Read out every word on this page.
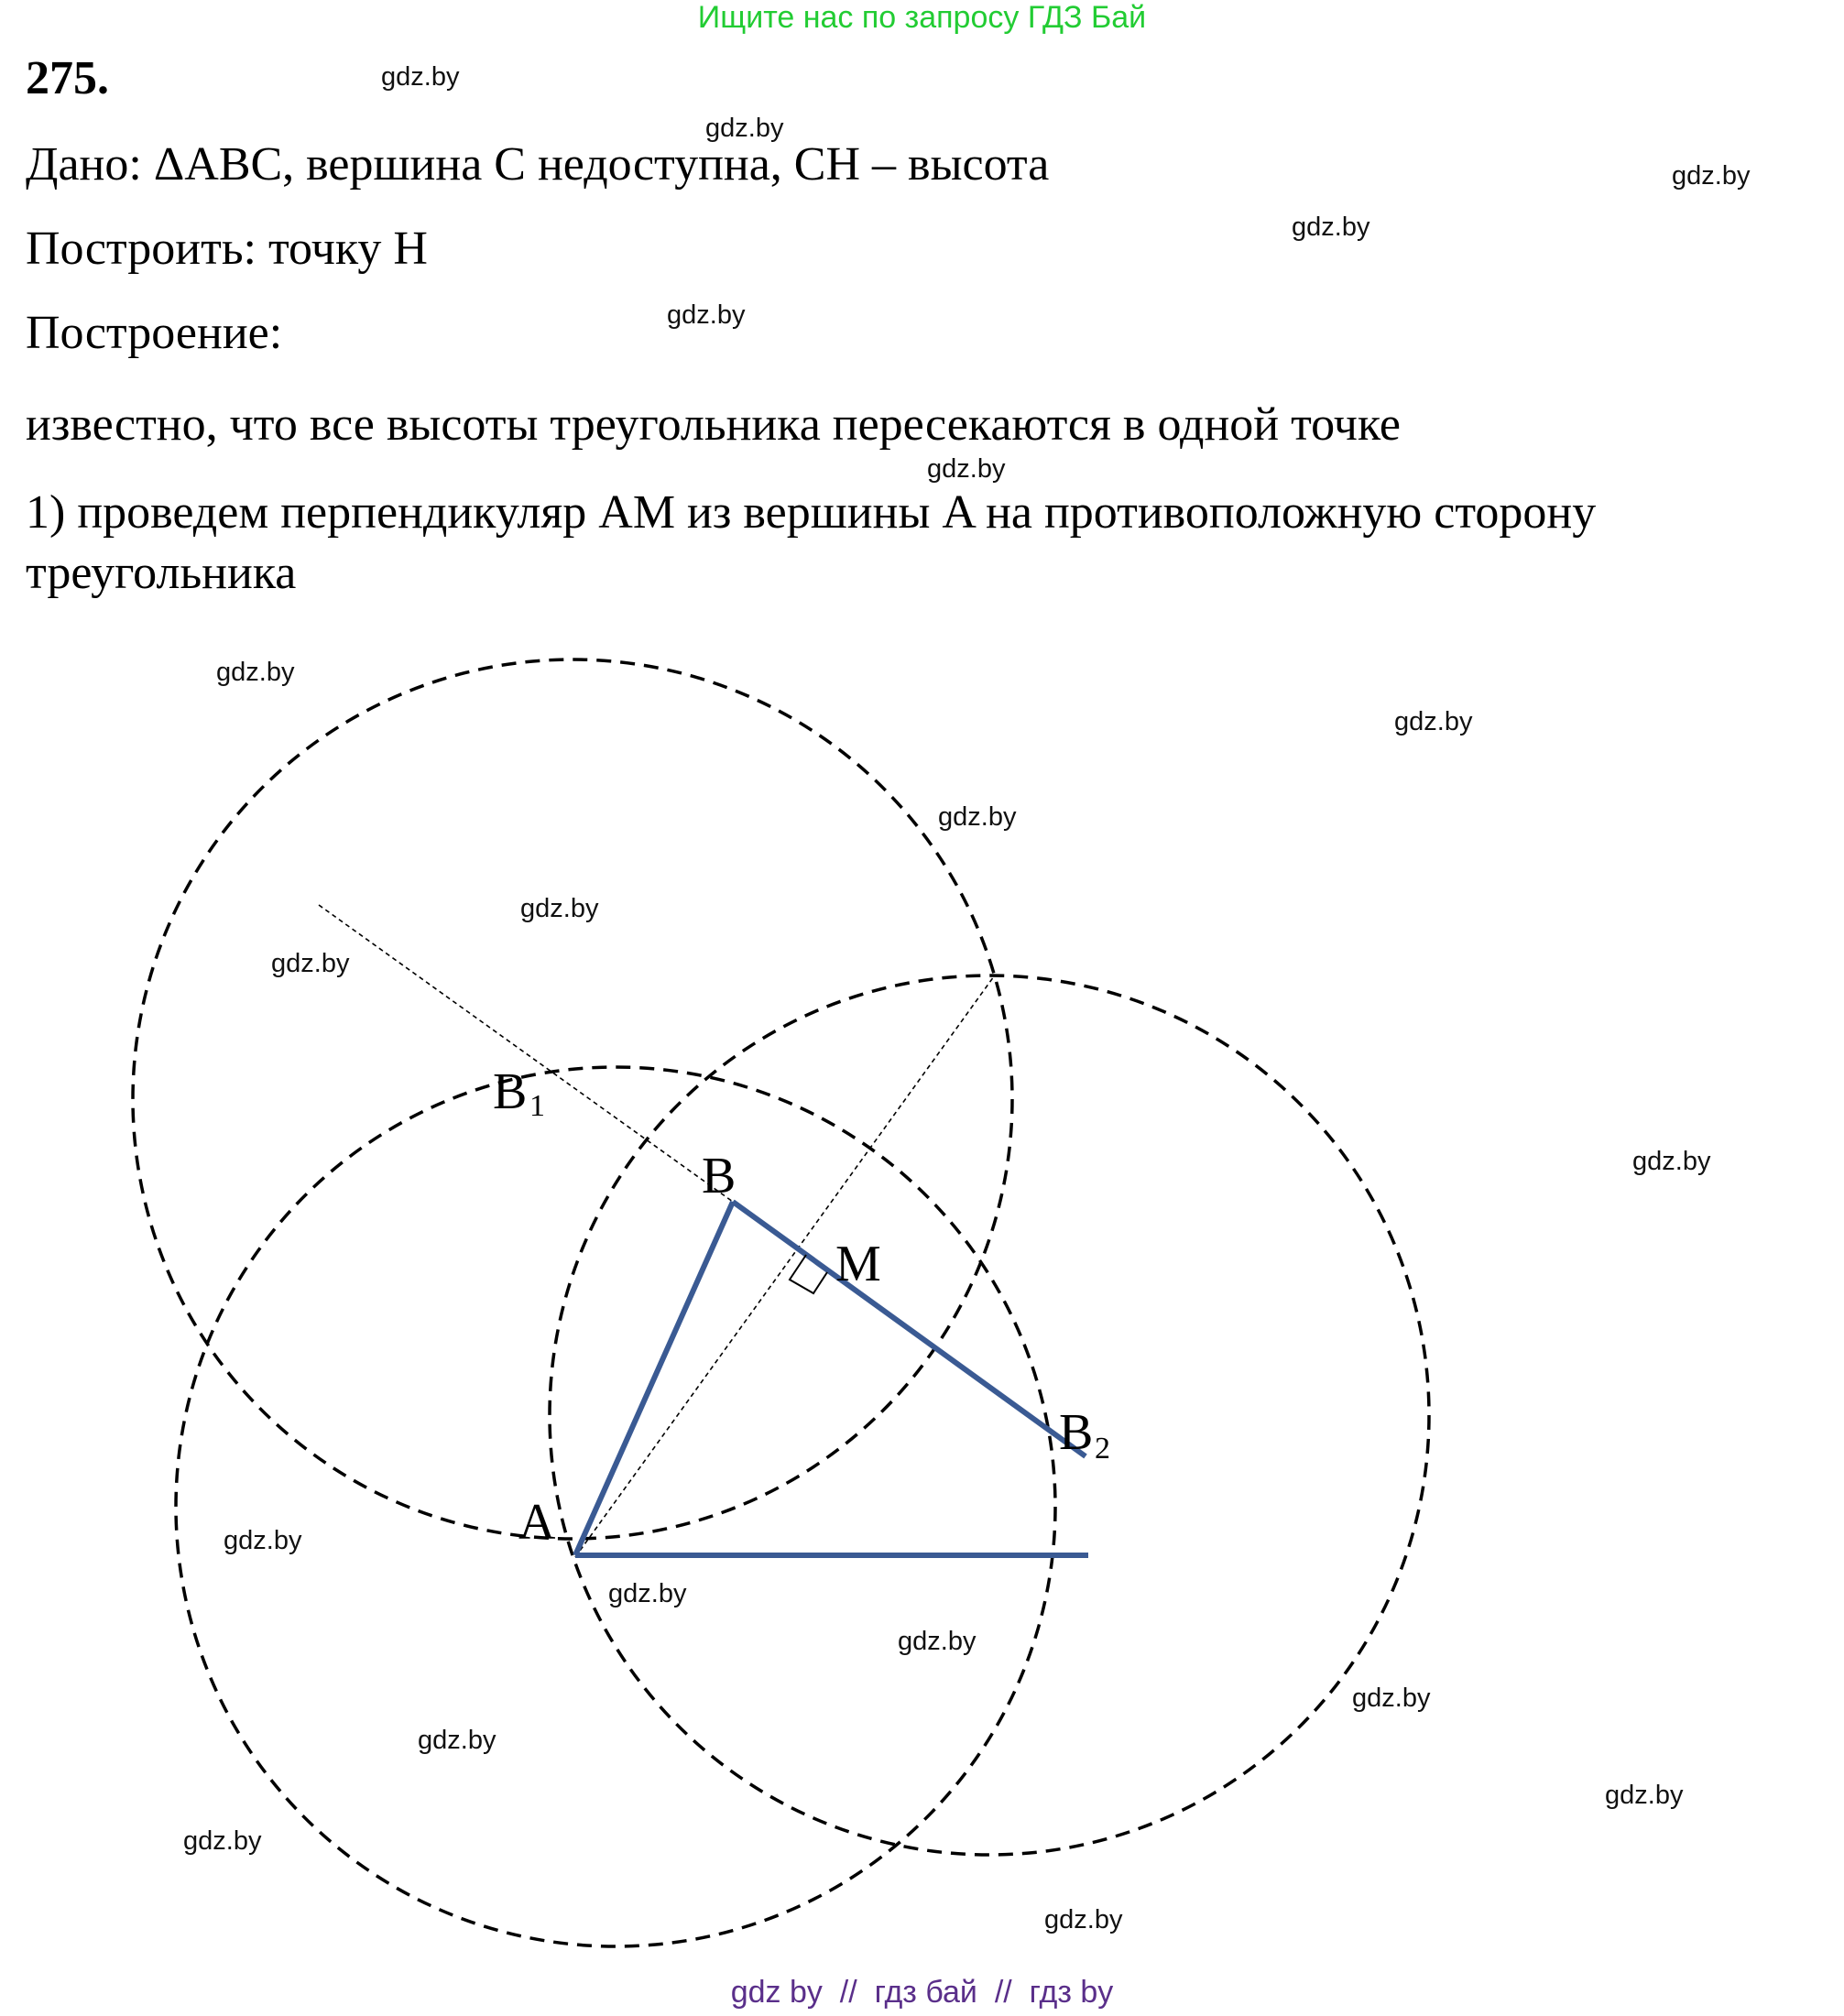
Ищите нас по запросу ГДЗ Бай
275.
Дано: ΔABC, вершина C недоступна, CH – высота
Построить: точку H
Построение:
известно, что все высоты треугольника пересекаются в одной точке
1) проведем перпендикуляр AM из вершины A на противоположную сторону
треугольника
A
B
M
B 1
B 2
gdz.by
gdz.by
gdz.by
gdz.by
gdz.by
gdz.by
gdz.by
gdz.by
gdz.by
gdz.by
gdz.by
gdz.by
gdz.by
gdz.by
gdz.by
gdz.by
gdz.by
gdz.by
gdz.by
gdz.by
gdz by  //  гдз бай  //  гдз by
